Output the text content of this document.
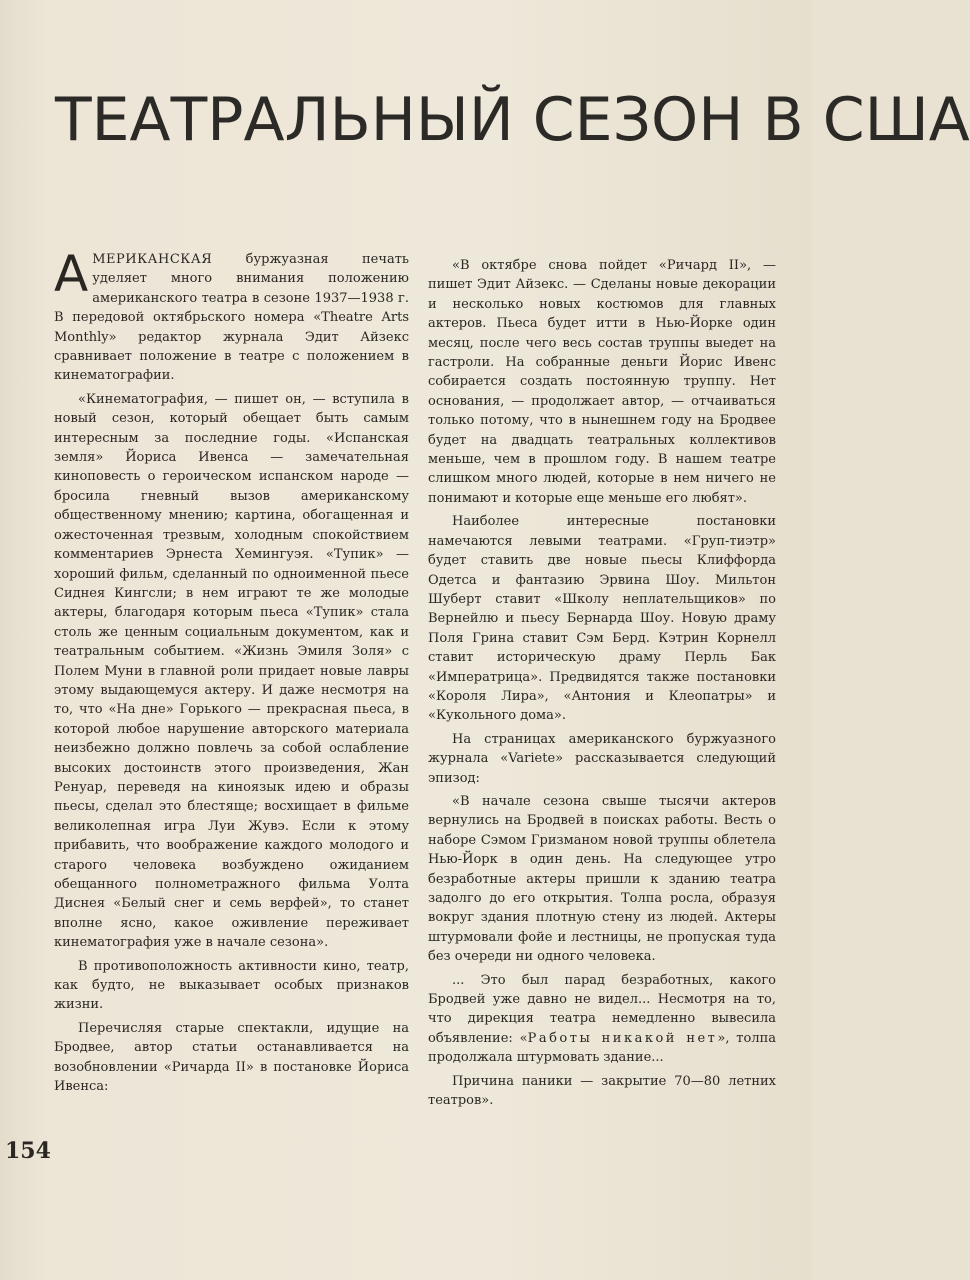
ТЕАТРАЛЬНЫЙ СЕЗОН В США

АМЕРИКАНСКАЯ буржуазная печать уделяет много внимания положению американского театра в сезоне 1937—1938 г. В передовой октябрьского номера «Theatre Arts Monthly» редактор журнала Эдит Айзекс сравнивает положение в театре с положением в кинематографии.

«Кинематография, — пишет он, — вступила в новый сезон, который обещает быть самым интересным за последние годы. «Испанская земля» Йориса Ивенса — замечательная киноповесть о героическом испанском народе — бросила гневный вызов американскому общественному мнению; картина, обогащенная и ожесточенная трезвым, холодным спокойствием комментариев Эрнеста Хемингуэя. «Тупик» — хороший фильм, сделанный по одноименной пьесе Сиднея Кингсли; в нем играют те же молодые актеры, благодаря которым пьеса «Тупик» стала столь же ценным социальным документом, как и театральным событием. «Жизнь Эмиля Золя» с Полем Муни в главной роли придает новые лавры этому выдающемуся актеру. И даже несмотря на то, что «На дне» Горького — прекрасная пьеса, в которой любое нарушение авторского материала неизбежно должно повлечь за собой ослабление высоких достоинств этого произведения, Жан Ренуар, переведя на киноязык идею и образы пьесы, сделал это блестяще; восхищает в фильме великолепная игра Луи Жувэ. Если к этому прибавить, что воображение каждого молодого и старого человека возбуждено ожиданием обещанного полнометражного фильма Уолта Диснея «Белый снег и семь верфей», то станет вполне ясно, какое оживление переживает кинематография уже в начале сезона».

В противоположность активности кино, театр, как будто, не выказывает особых признаков жизни.

Перечисляя старые спектакли, идущие на Бродвее, автор статьи останавливается на возобновлении «Ричарда II» в постановке Йориса Ивенса:

«В октябре снова пойдет «Ричард II», — пишет Эдит Айзекс. — Сделаны новые декорации и несколько новых костюмов для главных актеров. Пьеса будет итти в Нью-Йорке один месяц, после чего весь состав труппы выедет на гастроли. На собранные деньги Йорис Ивенс собирается создать постоянную труппу. Нет основания, — продолжает автор, — отчаиваться только потому, что в нынешнем году на Бродвее будет на двадцать театральных коллективов меньше, чем в прошлом году. В нашем театре слишком много людей, которые в нем ничего не понимают и которые еще меньше его любят».

Наиболее интересные постановки намечаются левыми театрами. «Груп-тиэтр» будет ставить две новые пьесы Клиффорда Одетса и фантазию Эрвина Шоу. Мильтон Шуберт ставит «Школу неплательщиков» по Вернейлю и пьесу Бернарда Шоу. Новую драму Поля Грина ставит Сэм Берд. Кэтрин Корнелл ставит историческую драму Перль Бак «Императрица». Предвидятся также постановки «Короля Лира», «Антония и Клеопатры» и «Кукольного дома».

На страницах американского буржуазного журнала «Variete» рассказывается следующий эпизод:

«В начале сезона свыше тысячи актеров вернулись на Бродвей в поисках работы. Весть о наборе Сэмом Гризманом новой труппы облетела Нью-Йорк в один день. На следующее утро безработные актеры пришли к зданию театра задолго до его открытия. Толпа росла, образуя вокруг здания плотную стену из людей. Актеры штурмовали фойе и лестницы, не пропуская туда без очереди ни одного человека.

... Это был парад безработных, какого Бродвей уже давно не видел... Несмотря на то, что дирекция театра немедленно вывесила объявление: «Работы никакой нет», толпа продолжала штурмовать здание...

Причина паники — закрытие 70—80 летних театров».

154
